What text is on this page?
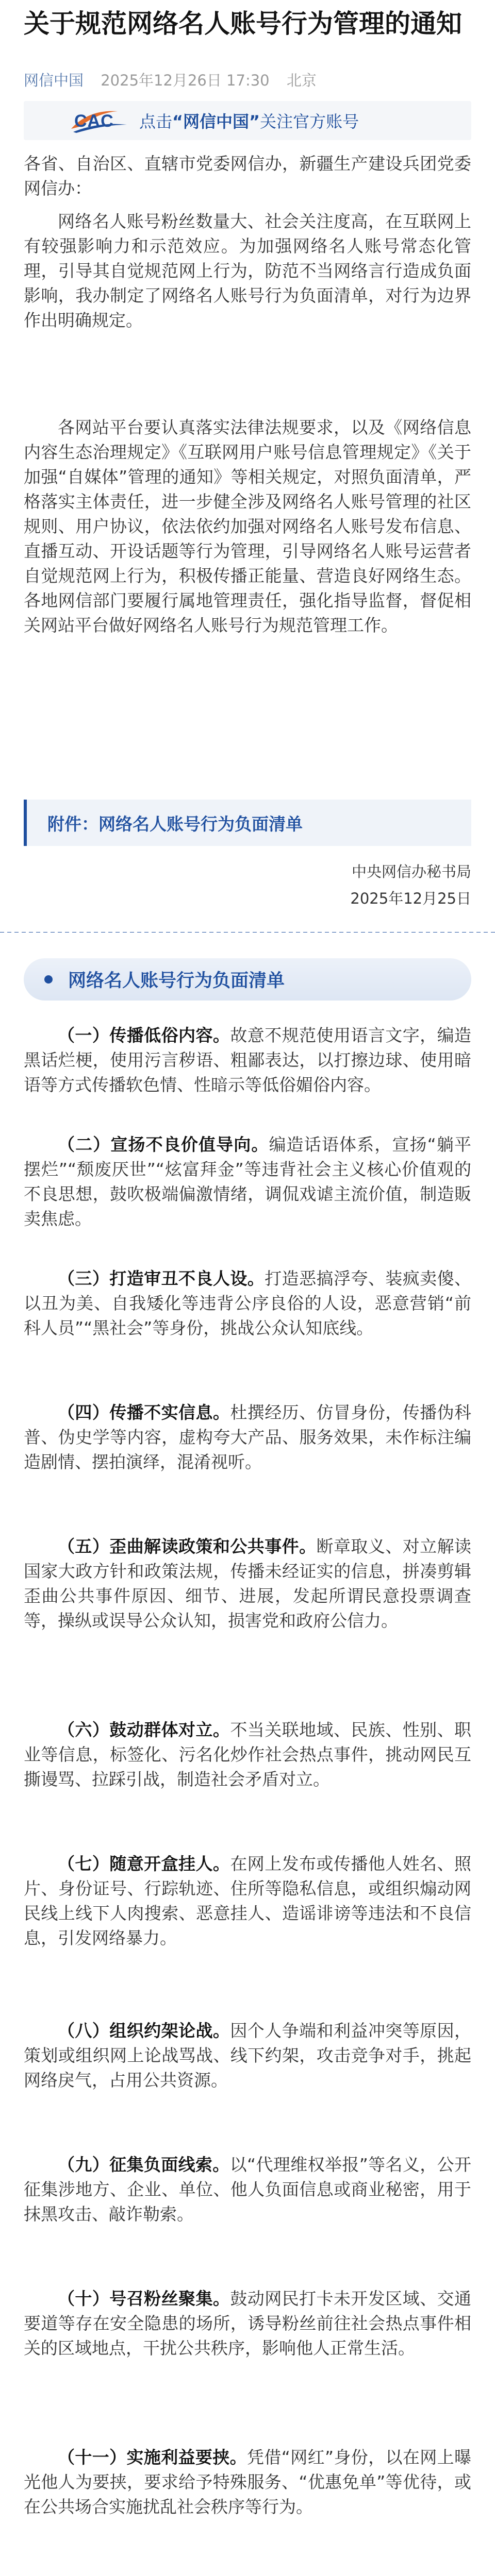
关于规范网络名人账号行为管理的通知
网信中国 2025年12月26日 17:30 北京
CAC 点击“网信中国”关注官方账号

各省、自治区、直辖市党委网信办，新疆生产建设兵团党委网信办：

网络名人账号粉丝数量大、社会关注度高，在互联网上有较强影响力和示范效应。为加强网络名人账号常态化管理，引导其自觉规范网上行为，防范不当网络言行造成负面影响，我办制定了网络名人账号行为负面清单，对行为边界作出明确规定。

各网站平台要认真落实法律法规要求，以及《网络信息内容生态治理规定》《互联网用户账号信息管理规定》《关于加强“自媒体”管理的通知》等相关规定，对照负面清单，严格落实主体责任，进一步健全涉及网络名人账号管理的社区规则、用户协议，依法依约加强对网络名人账号发布信息、直播互动、开设话题等行为管理，引导网络名人账号运营者自觉规范网上行为，积极传播正能量、营造良好网络生态。各地网信部门要履行属地管理责任，强化指导监督，督促相关网站平台做好网络名人账号行为规范管理工作。

附件：网络名人账号行为负面清单
中央网信办秘书局
2025年12月25日
网络名人账号行为负面清单

（一）传播低俗内容。故意不规范使用语言文字，编造黑话烂梗，使用污言秽语、粗鄙表达，以打擦边球、使用暗语等方式传播软色情、性暗示等低俗媚俗内容。

（二）宣扬不良价值导向。编造话语体系，宣扬“躺平摆烂”“颓废厌世”“炫富拜金”等违背社会主义核心价值观的不良思想，鼓吹极端偏激情绪，调侃戏谑主流价值，制造販卖焦虑。

（三）打造审丑不良人设。打造恶搞浮夸、装疯卖傻、以丑为美、自我矮化等违背公序良俗的人设，恶意营销“前科人员”“黑社会”等身份，挑战公众认知底线。

（四）传播不实信息。杜撰经历、仿冒身份，传播伪科普、伪史学等内容，虚构夸大产品、服务效果，未作标注编造剧情、摆拍演绎，混淆视听。

（五）歪曲解读政策和公共事件。断章取义、对立解读国家大政方针和政策法规，传播未经证实的信息，拼凑剪辑歪曲公共事件原因、细节、进展，发起所谓民意投票调查等，操纵或误导公众认知，损害党和政府公信力。

（六）鼓动群体对立。不当关联地域、民族、性别、职业等信息，标签化、污名化炒作社会热点事件，挑动网民互撕谩骂、拉踩引战，制造社会矛盾对立。

（七）随意开盒挂人。在网上发布或传播他人姓名、照片、身份证号、行踪轨迹、住所等隐私信息，或组织煽动网民线上线下人肉搜索、恶意挂人、造谣诽谤等违法和不良信息，引发网络暴力。

（八）组织约架论战。因个人争端和利益冲突等原因，策划或组织网上论战骂战、线下约架，攻击竞争对手，挑起网络戾气，占用公共资源。

（九）征集负面线索。以“代理维权举报”等名义，公开征集涉地方、企业、单位、他人负面信息或商业秘密，用于抹黑攻击、敲诈勒索。

（十）号召粉丝聚集。鼓动网民打卡未开发区域、交通要道等存在安全隐患的场所，诱导粉丝前往社会热点事件相关的区域地点，干扰公共秩序，影响他人正常生活。

（十一）实施利益要挟。凭借“网红”身份，以在网上曝光他人为要挟，要求给予特殊服务、“优惠免单”等优待，或在公共场合实施扰乱社会秩序等行为。
